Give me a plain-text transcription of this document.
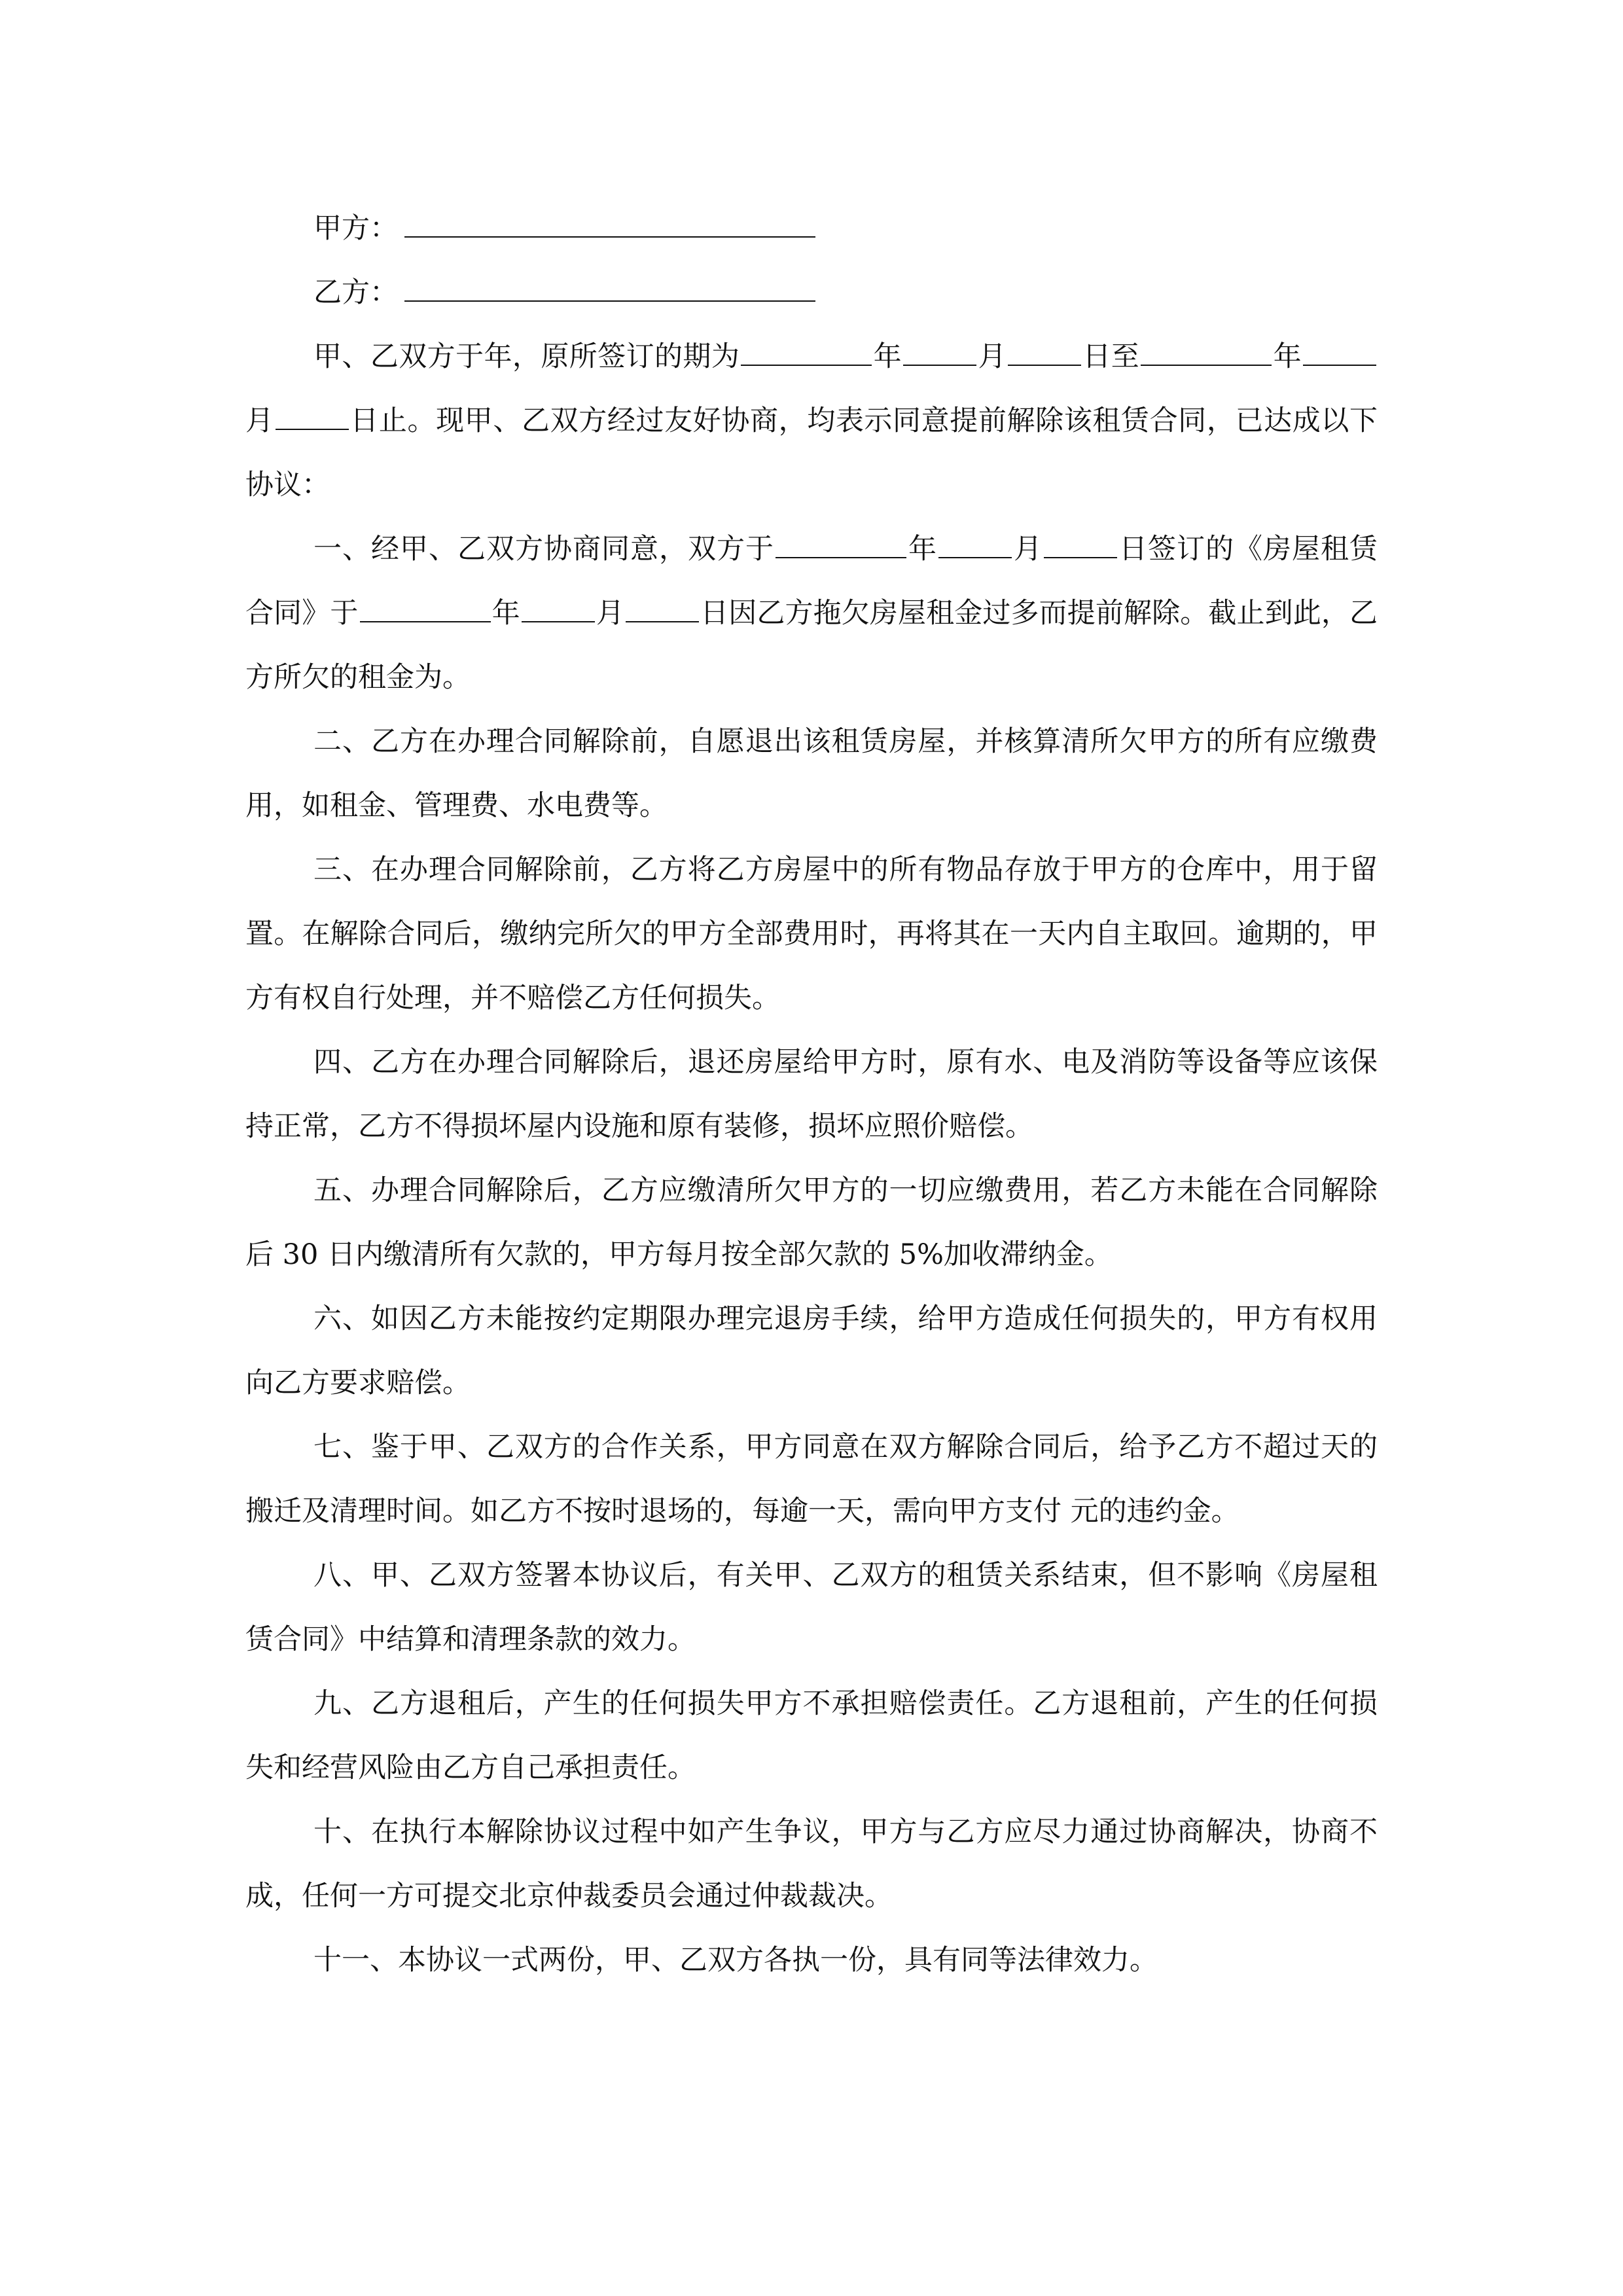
甲方：
乙方：

甲、乙双方于年，原所签订的期为	年	月	日至	年月	日止。现甲、乙双方经过友好协商，均表示同意提前解除该租赁合同，已达成以下协议：

一、经甲、乙双方协商同意，双方于	年	月	日签订的《房屋租赁合同》于	年	月	日因乙方拖欠房屋租金过多而提前解除。截止到此，乙方所欠的租金为。

二、乙方在办理合同解除前，自愿退出该租赁房屋，并核算清所欠甲方的所有应缴费用，如租金、管理费、水电费等。

三、在办理合同解除前，乙方将乙方房屋中的所有物品存放于甲方的仓库中，用于留置。在解除合同后，缴纳完所欠的甲方全部费用时，再将其在一天内自主取回。逾期的，甲方有权自行处理，并不赔偿乙方任何损失。

四、乙方在办理合同解除后，退还房屋给甲方时，原有水、电及消防等设备等应该保持正常，乙方不得损坏屋内设施和原有装修，损坏应照价赔偿。

五、办理合同解除后，乙方应缴清所欠甲方的一切应缴费用，若乙方未能在合同解除后 30 日内缴清所有欠款的，甲方每月按全部欠款的 5%加收滞纳金。

六、如因乙方未能按约定期限办理完退房手续，给甲方造成任何损失的，甲方有权用向乙方要求赔偿。

七、鉴于甲、乙双方的合作关系，甲方同意在双方解除合同后，给予乙方不超过天的搬迁及清理时间。如乙方不按时退场的，每逾一天，需向甲方支付 元的违约金。

八、甲、乙双方签署本协议后，有关甲、乙双方的租赁关系结束，但不影响《房屋租赁合同》中结算和清理条款的效力。

九、乙方退租后，产生的任何损失甲方不承担赔偿责任。乙方退租前，产生的任何损失和经营风险由乙方自己承担责任。

十、在执行本解除协议过程中如产生争议，甲方与乙方应尽力通过协商解决，协商不成，任何一方可提交北京仲裁委员会通过仲裁裁决。

十一、本协议一式两份，甲、乙双方各执一份，具有同等法律效力。
